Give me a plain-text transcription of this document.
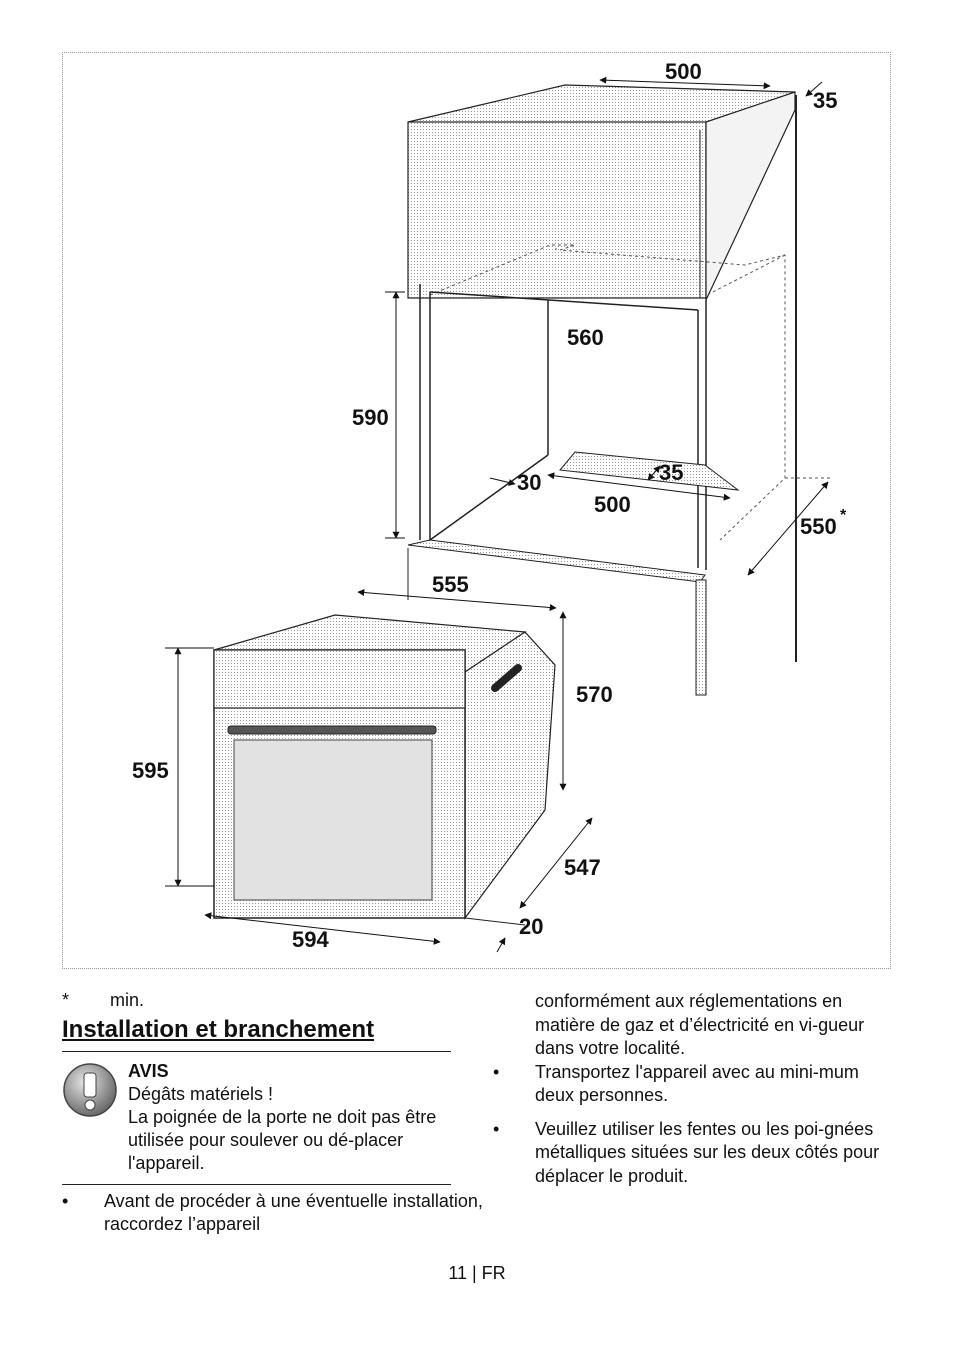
500
35
560
590
30	35
500
550 *
555
570
595
547
20
594
* min.
Installation et branchement

AVIS

Dégâts matériels !

La poignée de la porte ne doit pas être utilisée pour soulever ou dé-placer l'appareil.

• Avant de procéder à une éventuelle installation, raccordez l’appareil

conformément aux réglementations en matière de gaz et d’électricité en vi-gueur dans votre localité.

• Transportez l'appareil avec au mini-mum deux personnes.
• Veuillez utiliser les fentes ou les poi-gnées métalliques situées sur les deux côtés pour déplacer le produit.
11 | FR
